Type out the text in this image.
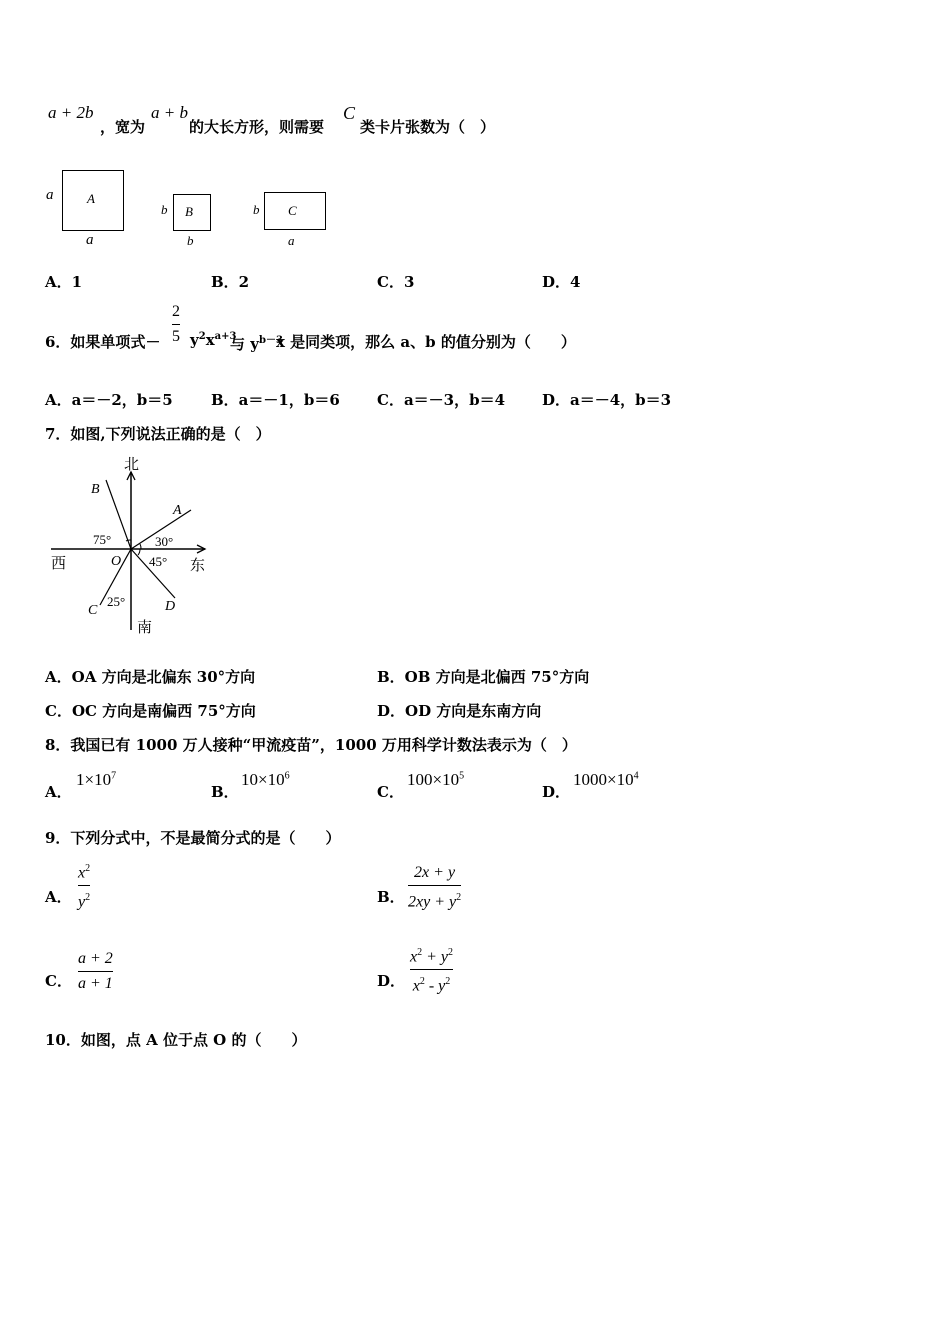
a + 2b
，宽为
a + b
的大长方形，则需要
C
类卡片张数为（　）
a	A
a
b B
b
b C
a
A．1	B．2	C．3	D．4
6．如果单项式－
2
5 $y^2x^{a+3}$
与 $y^{b-3}$
x 是同类项，那么 a、b 的值分别为（　　）
A．a＝－2，b＝5	B．a＝－1，b＝6 C．a＝－3，b＝4 D．a＝－4，b＝3
7．如图,下列说法正确的是（　）
北
南
东
西	O
A
B
C	D
75°	30°
45°
25°
A．OA 方向是北偏东 30°方向	B．OB 方向是北偏西 75°方向
C．OC 方向是南偏西 75°方向	D．OD 方向是东南方向
8．我国已有 1000 万人接种“甲流疫苗”，1000 万用科学计数法表示为（　）
A．
$1\times 10^7$
B．
$10\times 10^6$
C．
$100\times 10^5$
D．
$1000\times 10^4$
9．下列分式中，不是最简分式的是（　　）
A．
$x^2$
$y^2$	B．
2x + y
$2xy + y^2$
C．
a + 2
a + 1	D．
$x^2 + y^2$
$x^2 - y^2$
10．如图，点 A 位于点 O 的（　　）
